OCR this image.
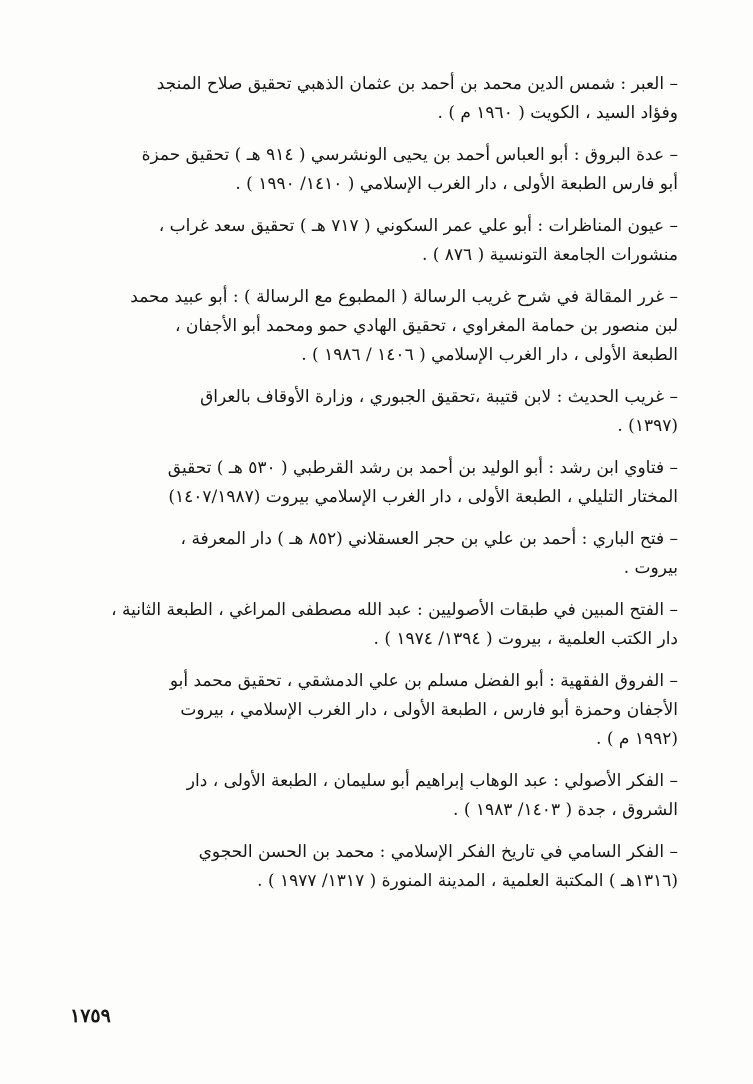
– العبر : شمس الدين محمد بن أحمد بن عثمان الذهبي تحقيق صلاح المنجد
وفؤاد السيد ، الكويت ( ١٩٦٠ م ) .

– عدة البروق : أبو العباس أحمد بن يحيى الونشرسي ( ٩١٤ هـ ) تحقيق حمزة
أبو فارس الطبعة الأولى ، دار الغرب الإسلامي ( ١٤١٠/ ١٩٩٠ ) .

– عيون المناظرات : أبو علي عمر السكوني ( ٧١٧ هـ ) تحقيق سعد غراب ،
منشورات الجامعة التونسية ( ٨٧٦ ) .

– غرر المقالة في شرح غريب الرسالة ( المطبوع مع الرسالة ) : أبو عبيد محمد
لبن منصور بن حمامة المغراوي ، تحقيق الهادي حمو ومحمد أبو الأجفان ،
الطبعة الأولى ، دار الغرب الإسلامي ( ١٤٠٦ / ١٩٨٦ ) .

– غريب الحديث : لابن قتيبة ،تحقيق الجبوري ، وزارة الأوقاف بالعراق
(١٣٩٧) .

– فتاوي ابن رشد : أبو الوليد بن أحمد بن رشد القرطبي ( ٥٣٠ هـ ) تحقيق
المختار التليلي ، الطبعة الأولى ، دار الغرب الإسلامي بيروت (١٤٠٧/١٩٨٧)

– فتح الباري : أحمد بن علي بن حجر العسقلاني (٨٥٢ هـ ) دار المعرفة ،
بيروت .

– الفتح المبين في طبقات الأصوليين : عبد الله مصطفى المراغي ، الطبعة الثانية ،
دار الكتب العلمية ، بيروت ( ١٣٩٤/ ١٩٧٤ ) .

– الفروق الفقهية : أبو الفضل مسلم بن علي الدمشقي ، تحقيق محمد أبو
الأجفان وحمزة أبو فارس ، الطبعة الأولى ، دار الغرب الإسلامي ، بيروت
(١٩٩٢ م ) .

– الفكر الأصولي : عبد الوهاب إبراهيم أبو سليمان ، الطبعة الأولى ، دار
الشروق ، جدة ( ١٤٠٣/ ١٩٨٣ ) .

– الفكر السامي في تاريخ الفكر الإسلامي : محمد بن الحسن الحجوي
(١٣١٦هـ ) المكتبة العلمية ، المدينة المنورة ( ١٣١٧/ ١٩٧٧ ) .

١٧٥٩
